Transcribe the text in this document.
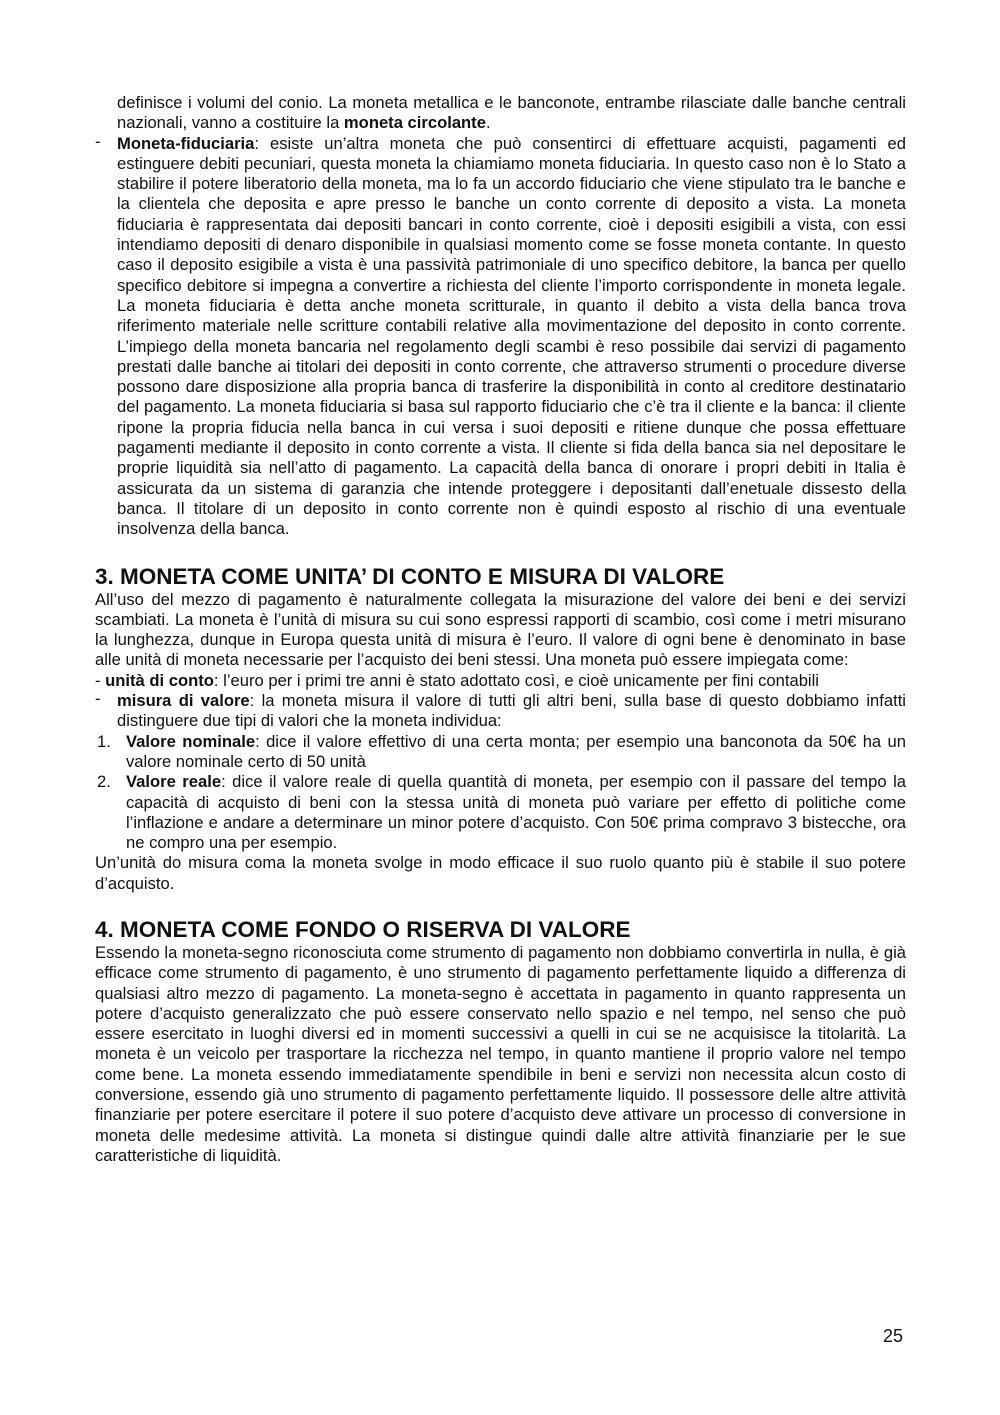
definisce i volumi del conio. La moneta metallica e le banconote, entrambe rilasciate dalle banche centrali nazionali, vanno a costituire la moneta circolante.

- Moneta-fiduciaria: esiste un’altra moneta che può consentirci di effettuare acquisti, pagamenti ed estinguere debiti pecuniari, questa moneta la chiamiamo moneta fiduciaria. In questo caso non è lo Stato a stabilire il potere liberatorio della moneta, ma lo fa un accordo fiduciario che viene stipulato tra le banche e la clientela che deposita e apre presso le banche un conto corrente di deposito a vista. La moneta fiduciaria è rappresentata dai depositi bancari in conto corrente, cioè i depositi esigibili a vista, con essi intendiamo depositi di denaro disponibile in qualsiasi momento come se fosse moneta contante. In questo caso il deposito esigibile a vista è una passività patrimoniale di uno specifico debitore, la banca per quello specifico debitore si impegna a convertire a richiesta del cliente l’importo corrispondente in moneta legale. La moneta fiduciaria è detta anche moneta scritturale, in quanto il debito a vista della banca trova riferimento materiale nelle scritture contabili relative alla movimentazione del deposito in conto corrente. L’impiego della moneta bancaria nel regolamento degli scambi è reso possibile dai servizi di pagamento prestati dalle banche ai titolari dei depositi in conto corrente, che attraverso strumenti o procedure diverse possono dare disposizione alla propria banca di trasferire la disponibilità in conto al creditore destinatario del pagamento. La moneta fiduciaria si basa sul rapporto fiduciario che c’è tra il cliente e la banca: il cliente ripone la propria fiducia nella banca in cui versa i suoi depositi e ritiene dunque che possa effettuare pagamenti mediante il deposito in conto corrente a vista. Il cliente si fida della banca sia nel depositare le proprie liquidità sia nell’atto di pagamento. La capacità della banca di onorare i propri debiti in Italia è assicurata da un sistema di garanzia che intende proteggere i depositanti dall’enetuale dissesto della banca. Il titolare di un deposito in conto corrente non è quindi esposto al rischio di una eventuale insolvenza della banca.
3. MONETA COME UNITA’ DI CONTO E MISURA DI VALORE

All’uso del mezzo di pagamento è naturalmente collegata la misurazione del valore dei beni e dei servizi scambiati. La moneta è l’unità di misura su cui sono espressi rapporti di scambio, così come i metri misurano la lunghezza, dunque in Europa questa unità di misura è l’euro. Il valore di ogni bene è denominato in base alle unità di moneta necessarie per l’acquisto dei beni stessi. Una moneta può essere impiegata come:

- unità di conto: l’euro per i primi tre anni è stato adottato così, e cioè unicamente per fini contabili

- misura di valore: la moneta misura il valore di tutti gli altri beni, sulla base di questo dobbiamo infatti distinguere due tipi di valori che la moneta individua:
1. Valore nominale: dice il valore effettivo di una certa monta; per esempio una banconota da 50€ ha un valore nominale certo di 50 unità
2. Valore reale: dice il valore reale di quella quantità di moneta, per esempio con il passare del tempo la capacità di acquisto di beni con la stessa unità di moneta può variare per effetto di politiche come l’inflazione e andare a determinare un minor potere d’acquisto. Con 50€ prima compravo 3 bistecche, ora ne compro una per esempio.

Un’unità do misura coma la moneta svolge in modo efficace il suo ruolo quanto più è stabile il suo potere d’acquisto.

4. MONETA COME FONDO O RISERVA DI VALORE

Essendo la moneta-segno riconosciuta come strumento di pagamento non dobbiamo convertirla in nulla, è già efficace come strumento di pagamento, è uno strumento di pagamento perfettamente liquido a differenza di qualsiasi altro mezzo di pagamento. La moneta-segno è accettata in pagamento in quanto rappresenta un potere d’acquisto generalizzato che può essere conservato nello spazio e nel tempo, nel senso che può essere esercitato in luoghi diversi ed in momenti successivi a quelli in cui se ne acquisisce la titolarità. La moneta è un veicolo per trasportare la ricchezza nel tempo, in quanto mantiene il proprio valore nel tempo come bene. La moneta essendo immediatamente spendibile in beni e servizi non necessita alcun costo di conversione, essendo già uno strumento di pagamento perfettamente liquido. Il possessore delle altre attività finanziarie per potere esercitare il potere il suo potere d’acquisto deve attivare un processo di conversione in moneta delle medesime attività. La moneta si distingue quindi dalle altre attività finanziarie per le sue caratteristiche di liquidità.

25
